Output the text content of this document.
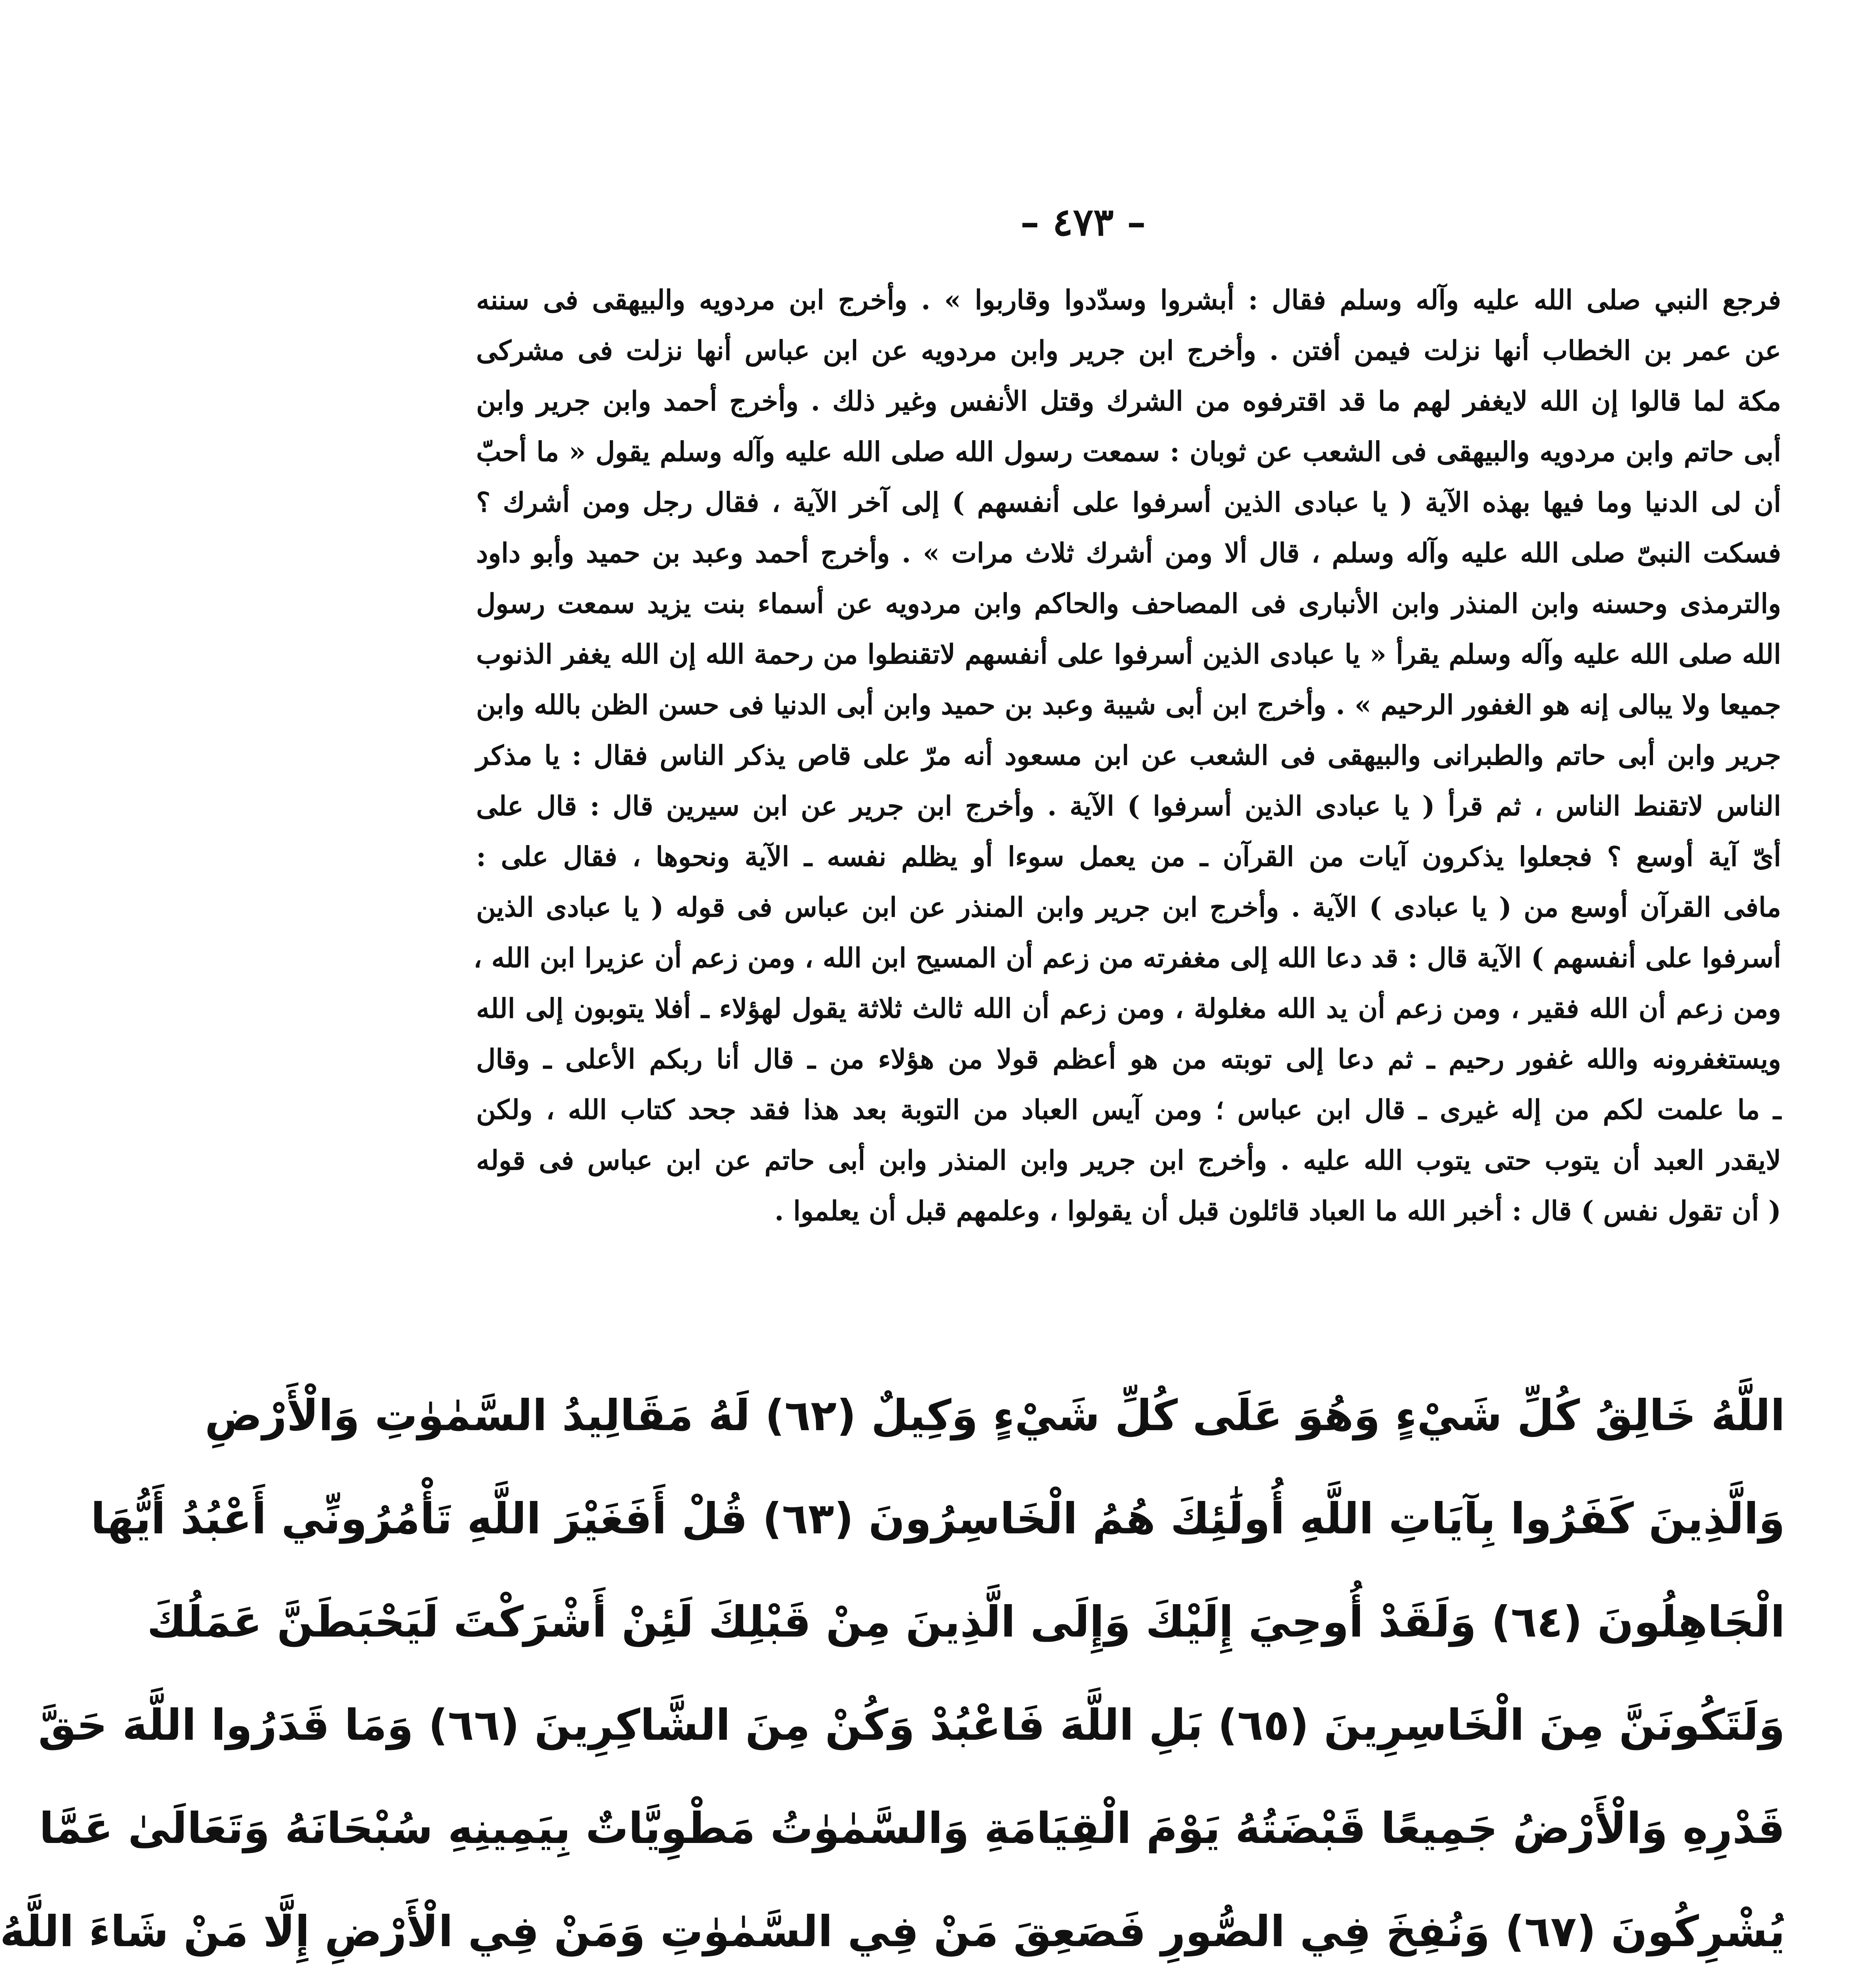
– ٤٧٣ –
فرجع النبي صلى الله عليه وآله وسلم فقال : أبشروا وسدّدوا وقاربوا » . وأخرج ابن مردويه والبيهقى فى سننه
عن عمر بن الخطاب أنها نزلت فيمن أفتن . وأخرج ابن جرير وابن مردويه عن ابن عباس أنها نزلت فى مشركى
مكة لما قالوا إن الله لايغفر لهم ما قد اقترفوه من الشرك وقتل الأنفس وغير ذلك . وأخرج أحمد وابن جرير وابن
أبى حاتم وابن مردويه والبيهقى فى الشعب عن ثوبان : سمعت رسول الله صلى الله عليه وآله وسلم يقول « ما أحبّ
أن لى الدنيا وما فيها بهذه الآية ( يا عبادى الذين أسرفوا على أنفسهم ) إلى آخر الآية ، فقال رجل ومن أشرك ؟
فسكت النبىّ صلى الله عليه وآله وسلم ، قال ألا ومن أشرك ثلاث مرات » . وأخرج أحمد وعبد بن حميد وأبو داود
والترمذى وحسنه وابن المنذر وابن الأنبارى فى المصاحف والحاكم وابن مردويه عن أسماء بنت يزيد سمعت رسول
الله صلى الله عليه وآله وسلم يقرأ « يا عبادى الذين أسرفوا على أنفسهم لاتقنطوا من رحمة الله إن الله يغفر الذنوب
جميعا ولا يبالى إنه هو الغفور الرحيم » . وأخرج ابن أبى شيبة وعبد بن حميد وابن أبى الدنيا فى حسن الظن بالله وابن
جرير وابن أبى حاتم والطبرانى والبيهقى فى الشعب عن ابن مسعود أنه مرّ على قاص يذكر الناس فقال : يا مذكر
الناس لاتقنط الناس ، ثم قرأ ( يا عبادى الذين أسرفوا ) الآية . وأخرج ابن جرير عن ابن سيرين قال : قال على
أىّ آية أوسع ؟ فجعلوا يذكرون آيات من القرآن ـ من يعمل سوءا أو يظلم نفسه ـ الآية ونحوها ، فقال على :
مافى القرآن أوسع من ( يا عبادى ) الآية . وأخرج ابن جرير وابن المنذر عن ابن عباس فى قوله ( يا عبادى الذين
أسرفوا على أنفسهم ) الآية قال : قد دعا الله إلى مغفرته من زعم أن المسيح ابن الله ، ومن زعم أن عزيرا ابن الله ،
ومن زعم أن الله فقير ، ومن زعم أن يد الله مغلولة ، ومن زعم أن الله ثالث ثلاثة يقول لهؤلاء ـ أفلا يتوبون إلى الله
ويستغفرونه والله غفور رحيم ـ ثم دعا إلى توبته من هو أعظم قولا من هؤلاء من ـ قال أنا ربكم الأعلى ـ وقال
ـ ما علمت لكم من إله غيرى ـ قال ابن عباس ؛ ومن آيس العباد من التوبة بعد هذا فقد جحد كتاب الله ، ولكن
لايقدر العبد أن يتوب حتى يتوب الله عليه . وأخرج ابن جرير وابن المنذر وابن أبى حاتم عن ابن عباس فى قوله
( أن تقول نفس ) قال : أخبر الله ما العباد قائلون قبل أن يقولوا ، وعلمهم قبل أن يعلموا .
اللَّهُ خَالِقُ كُلِّ شَيْءٍ وَهُوَ عَلَى كُلِّ شَيْءٍ وَكِيلٌ (٦٢) لَهُ مَقَالِيدُ السَّمٰوٰتِ وَالْأَرْضِ
وَالَّذِينَ كَفَرُوا بِآيَاتِ اللَّهِ أُولَٰئِكَ هُمُ الْخَاسِرُونَ (٦٣) قُلْ أَفَغَيْرَ اللَّهِ تَأْمُرُونِّي أَعْبُدُ أَيُّهَا
الْجَاهِلُونَ (٦٤) وَلَقَدْ أُوحِيَ إِلَيْكَ وَإِلَى الَّذِينَ مِنْ قَبْلِكَ لَئِنْ أَشْرَكْتَ لَيَحْبَطَنَّ عَمَلُكَ
وَلَتَكُونَنَّ مِنَ الْخَاسِرِينَ (٦٥) بَلِ اللَّهَ فَاعْبُدْ وَكُنْ مِنَ الشَّاكِرِينَ (٦٦) وَمَا قَدَرُوا اللَّهَ حَقَّ
قَدْرِهِ وَالْأَرْضُ جَمِيعًا قَبْضَتُهُ يَوْمَ الْقِيَامَةِ وَالسَّمٰوٰتُ مَطْوِيَّاتٌ بِيَمِينِهِ سُبْحَانَهُ وَتَعَالَىٰ عَمَّا
يُشْرِكُونَ (٦٧) وَنُفِخَ فِي الصُّورِ فَصَعِقَ مَنْ فِي السَّمٰوٰتِ وَمَنْ فِي الْأَرْضِ إِلَّا مَنْ شَاءَ اللَّهُ
